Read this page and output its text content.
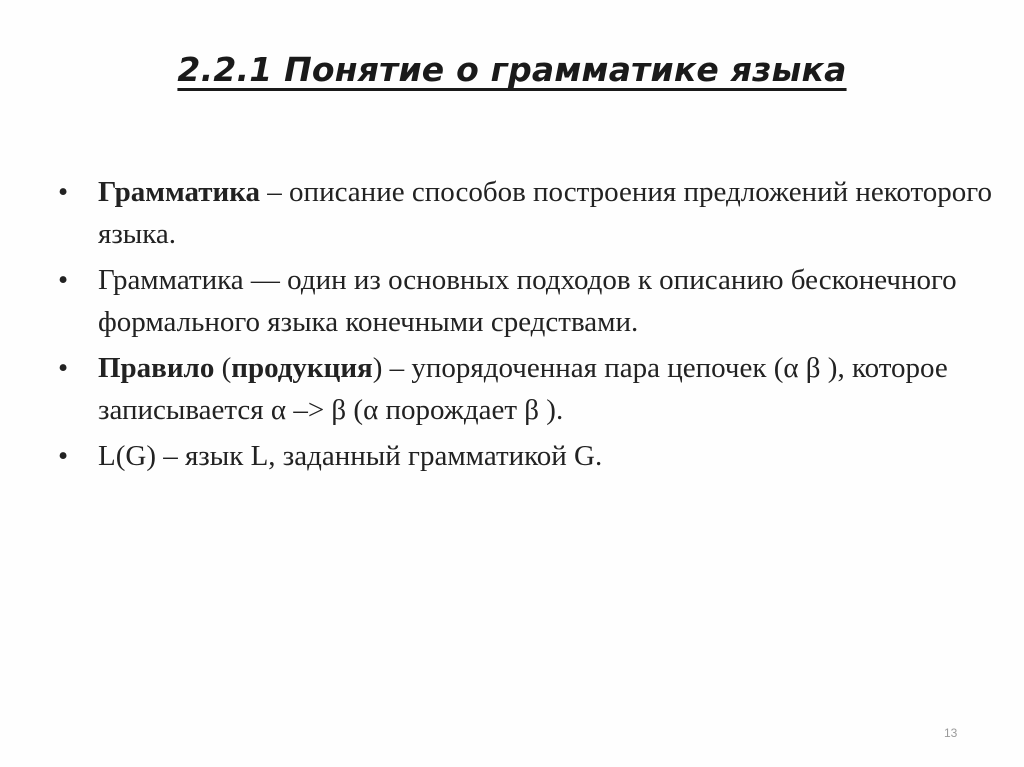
2.2.1 Понятие о грамматике языка
•	Грамматика – описание способов построения предложений некоторого языка.
•	Грамматика — один из основных подходов к описанию бесконечного формального языка конечными средствами.
•	Правило (продукция) – упорядоченная пара цепочек (α β ), которое записывается α –> β (α порождает β ).
•	L(G) – язык L, заданный грамматикой G.
13
